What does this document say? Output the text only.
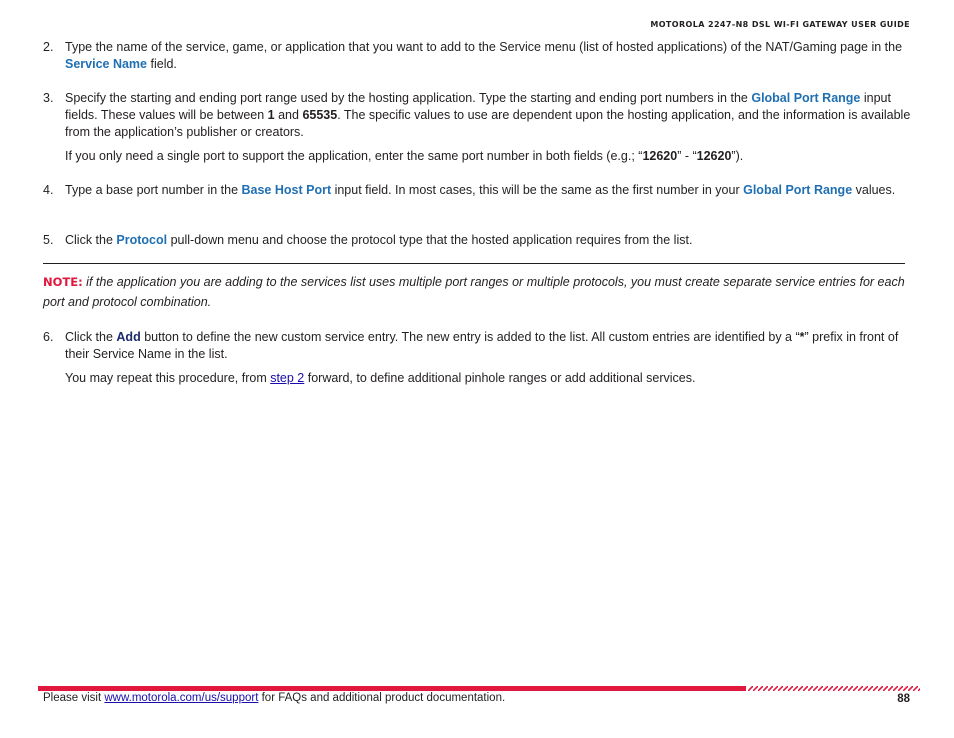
MOTOROLA 2247-N8 DSL WI-FI GATEWAY USER GUIDE
2. Type the name of the service, game, or application that you want to add to the Service menu (list of hosted applications) of the NAT/Gaming page in the Service Name field.

3. Specify the starting and ending port range used by the hosting application. Type the starting and ending port numbers in the Global Port Range input fields. These values will be between 1 and 65535. The specific values to use are dependent upon the hosting application, and the information is available from the application’s publisher or creators.

If you only need a single port to support the application, enter the same port number in both fields (e.g.; “12620” - “12620”).

4. Type a base port number in the Base Host Port input field. In most cases, this will be the same as the first number in your Global Port Range values.

5. Click the Protocol pull-down menu and choose the protocol type that the hosted application requires from the list.

NOTE: if the application you are adding to the services list uses multiple port ranges or multiple protocols, you must create separate service entries for each port and protocol combination.
6. Click the Add button to define the new custom service entry. The new entry is added to the list. All custom entries are identified by a “*” prefix in front of their Service Name in the list.

You may repeat this procedure, from step 2 forward, to define additional pinhole ranges or add additional services.

Please visit www.motorola.com/us/support for FAQs and additional product documentation.	88
